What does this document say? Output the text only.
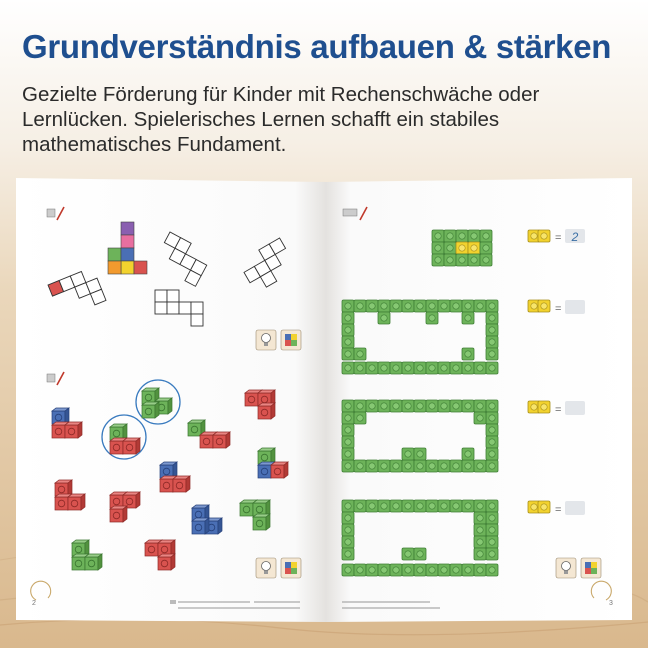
Grundverständnis aufbauen & stärken

Gezielte Förderung für Kinder mit Rechenschwäche oder Lernlücken. Spielerisches Lernen schafft ein stabiles mathematisches Fundament.

2
= 2
=
=
=
3
